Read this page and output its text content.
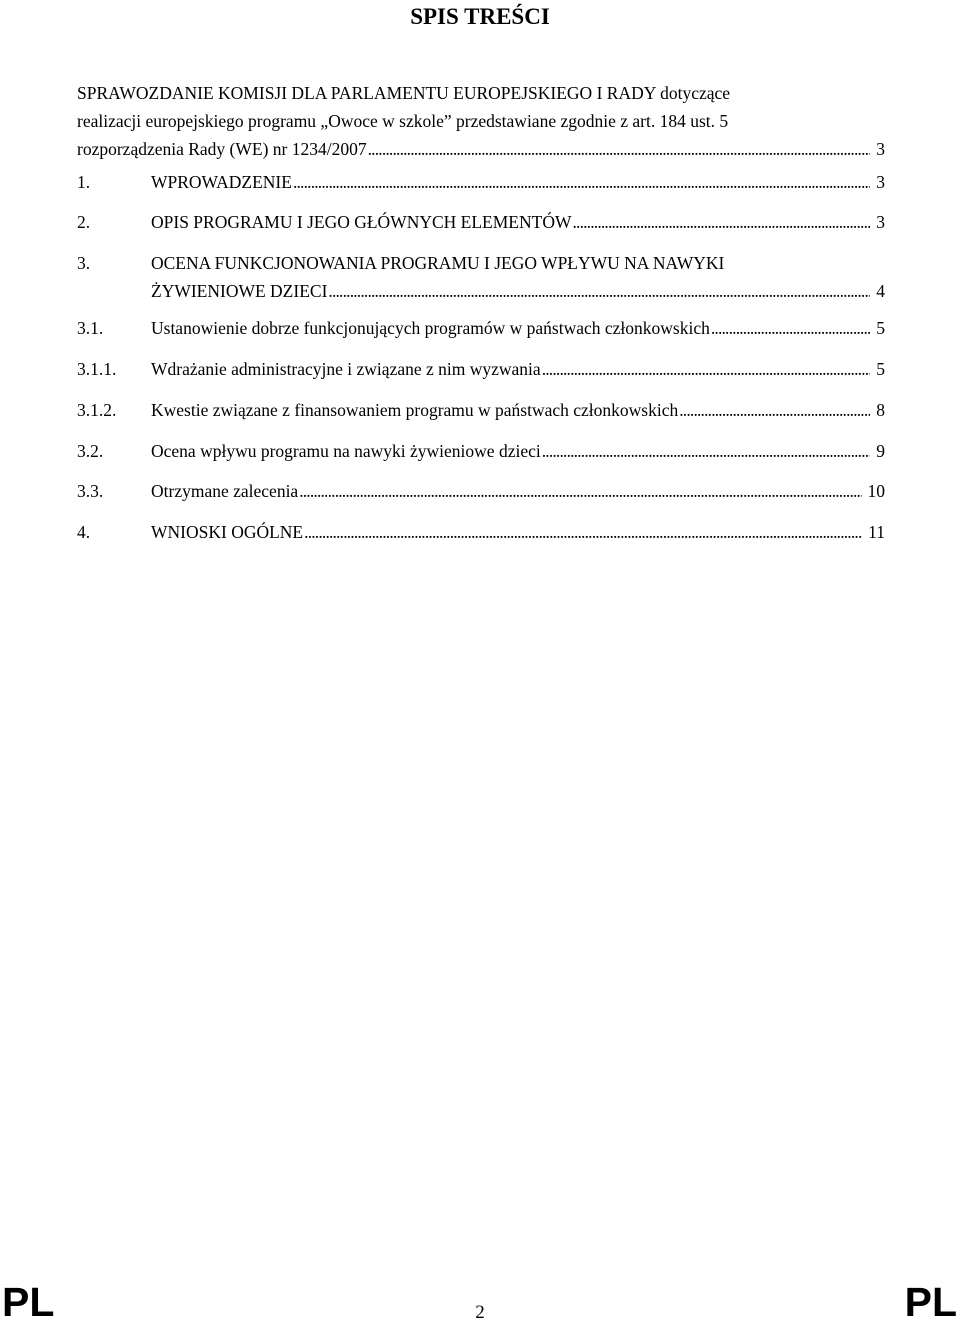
SPIS TREŚCI
SPRAWOZDANIE KOMISJI DLA PARLAMENTU EUROPEJSKIEGO I RADY dotyczące
realizacji europejskiego programu „Owoce w szkole” przedstawiane zgodnie z art. 184 ust. 5
rozporządzenia Rady (WE) nr 1234/2007 . . .	3
1.	WPROWADZENIE . . .	3
2.	OPIS PROGRAMU I JEGO GŁÓWNYCH ELEMENTÓW . . .	3
3.	OCENA FUNKCJONOWANIA PROGRAMU I JEGO WPŁYWU NA NAWYKI
ŻYWIENIOWE DZIECI . . .	4
3.1.	Ustanowienie dobrze funkcjonujących programów w państwach członkowskich . . .	5
3.1.1.	Wdrażanie administracyjne i związane z nim wyzwania . . .	5
3.1.2.	Kwestie związane z finansowaniem programu w państwach członkowskich . . .	8
3.2.	Ocena wpływu programu na nawyki żywieniowe dzieci . . .	9
3.3.	Otrzymane zalecenia . . .	10
4.	WNIOSKI OGÓLNE . . .	11
PL	2	PL
